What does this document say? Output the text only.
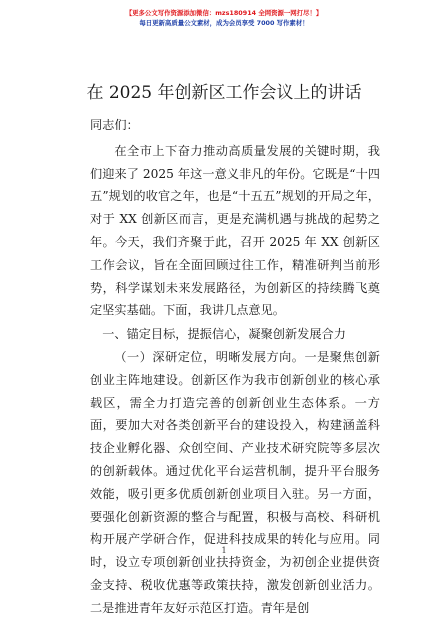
【更多公文写作资源添加微信：mzs180914 全网资源一网打尽！】
每日更新高质量公文素材，成为会员享受 7000 写作素材！
在 2025 年创新区工作会议上的讲话

同志们：

在全市上下奋力推动高质量发展的关键时期，我们迎来了 2025 年这一意义非凡的年份。它既是“十四五”规划的收官之年，也是“十五五”规划的开局之年，对于 XX 创新区而言，更是充满机遇与挑战的起势之年。今天，我们齐聚于此，召开 2025 年 XX 创新区工作会议，旨在全面回顾过往工作，精准研判当前形势，科学谋划未来发展路径，为创新区的持续腾飞奠定坚实基础。下面，我讲几点意见。

一、锚定目标，提振信心，凝聚创新发展合力

（一）深研定位，明晰发展方向。一是聚焦创新创业主阵地建设。创新区作为我市创新创业的核心承载区，需全力打造完善的创新创业生态体系。一方面，要加大对各类创新平台的建设投入，构建涵盖科技企业孵化器、众创空间、产业技术研究院等多层次的创新载体。通过优化平台运营机制，提升平台服务效能，吸引更多优质创新创业项目入驻。另一方面，要强化创新资源的整合与配置，积极与高校、科研机构开展产学研合作，促进科技成果的转化与应用。同时，设立专项创新创业扶持资金，为初创企业提供资金支持、税收优惠等政策扶持，激发创新创业活力。二是推进青年友好示范区打造。青年是创

1
